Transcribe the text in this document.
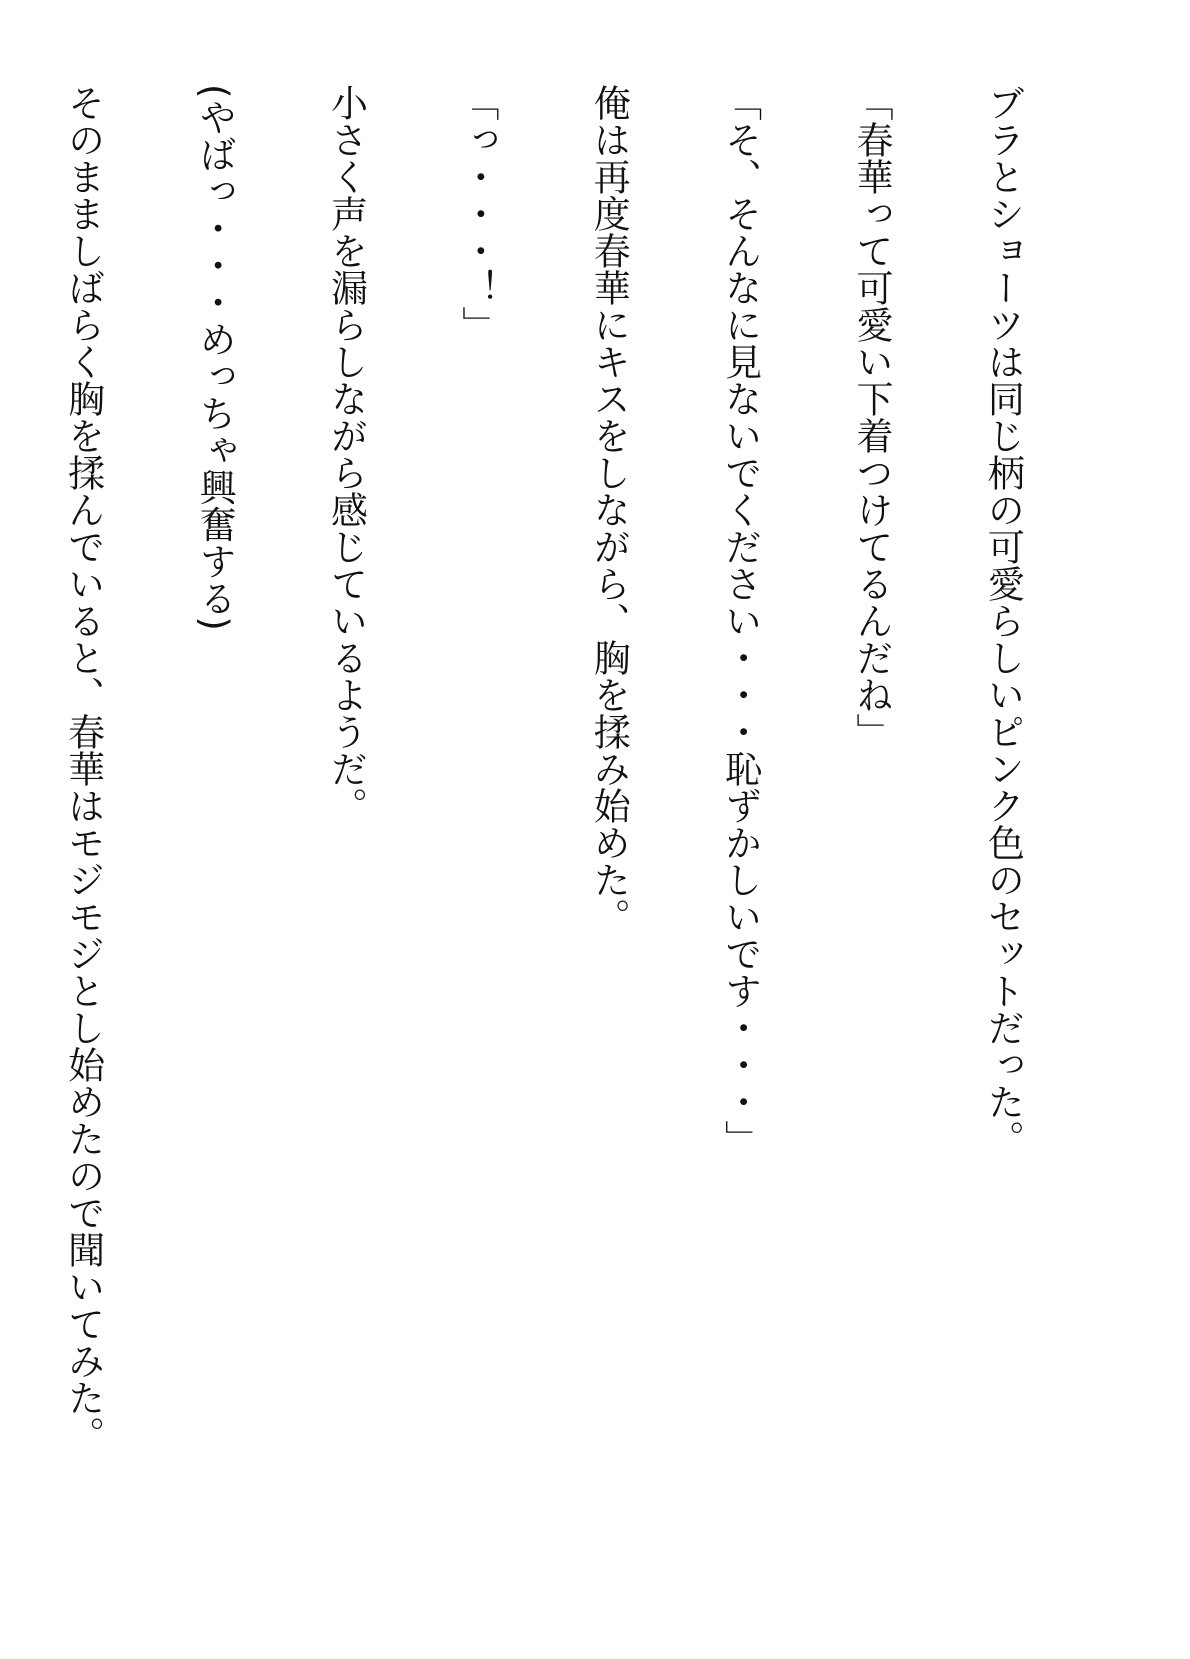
ブラとショーツは同じ柄の可愛らしいピンク色のセットだった。

「春華って可愛い下着つけてるんだね」

「そ、そんなに見ないでください・・・恥ずかしいです・・・」

俺は再度春華にキスをしながら、胸を揉み始めた。

「っ・・・！」

小さく声を漏らしながら感じているようだ。

(やばっ・・・めっちゃ興奮する)

そのまましばらく胸を揉んでいると、春華はモジモジとし始めたので聞いてみた。
